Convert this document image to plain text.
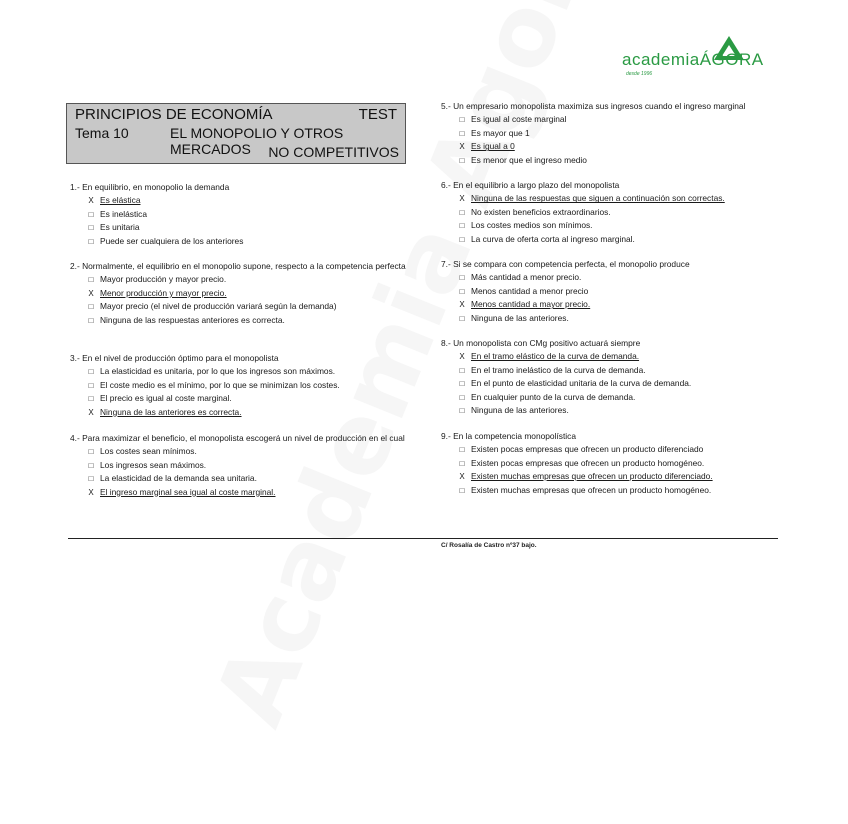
academiaÁGORA
desde 1996
PRINCIPIOS DE ECONOMÍA	TEST
Tema 10	EL MONOPOLIO Y OTROS MERCADOS	NO COMPETITIVOS
1.- En equilibrio, en monopolio la demanda
X Es elástica
□ Es inelástica
□ Es unitaria
□ Puede ser cualquiera de los anteriores
2.- Normalmente, el equilibrio en el monopolio supone, respecto a la competencia perfecta
□ Mayor producción y mayor precio.
X Menor producción y mayor precio.
□ Mayor precio (el nivel de producción variará según la demanda)
□ Ninguna de las respuestas anteriores es correcta.
3.- En el nivel de producción óptimo para el monopolista
□ La elasticidad es unitaria, por lo que los ingresos son máximos.
□ El coste medio es el mínimo, por lo que se minimizan los costes.
□ El precio es igual al coste marginal.
X Ninguna de las anteriores es correcta.
4.- Para maximizar el beneficio, el monopolista escogerá un nivel de producción en el cual
□ Los costes sean mínimos.
□ Los ingresos sean máximos.
□ La elasticidad de la demanda sea unitaria.
X El ingreso marginal sea igual al coste marginal.
5.- Un empresario monopolista maximiza sus ingresos cuando el ingreso marginal
□ Es igual al coste marginal
□ Es mayor que 1
X Es igual a 0
□ Es menor que el ingreso medio
6.- En el equilibrio a largo plazo del monopolista
X Ninguna de las respuestas que siguen a continuación son correctas.
□ No existen beneficios extraordinarios.
□ Los costes medios son mínimos.
□ La curva de oferta corta al ingreso marginal.
7.- Si se compara con competencia perfecta, el monopolio produce
□ Más cantidad a menor precio.
□ Menos cantidad a menor precio
X Menos cantidad a mayor precio.
□ Ninguna de las anteriores.
8.- Un monopolista con CMg positivo actuará siempre
X En el tramo elástico de la curva de demanda.
□ En el tramo inelástico de la curva de demanda.
□ En el punto de elasticidad unitaria de la curva de demanda.
□ En cualquier punto de la curva de demanda.
□ Ninguna de las anteriores.
9.- En la competencia monopolística
□ Existen pocas empresas que ofrecen un producto diferenciado
□ Existen pocas empresas que ofrecen un producto homogéneo.
X Existen muchas empresas que ofrecen un producto diferenciado.
□ Existen muchas empresas que ofrecen un producto homogéneo.
C/ Rosalía de Castro nº37 bajo.
